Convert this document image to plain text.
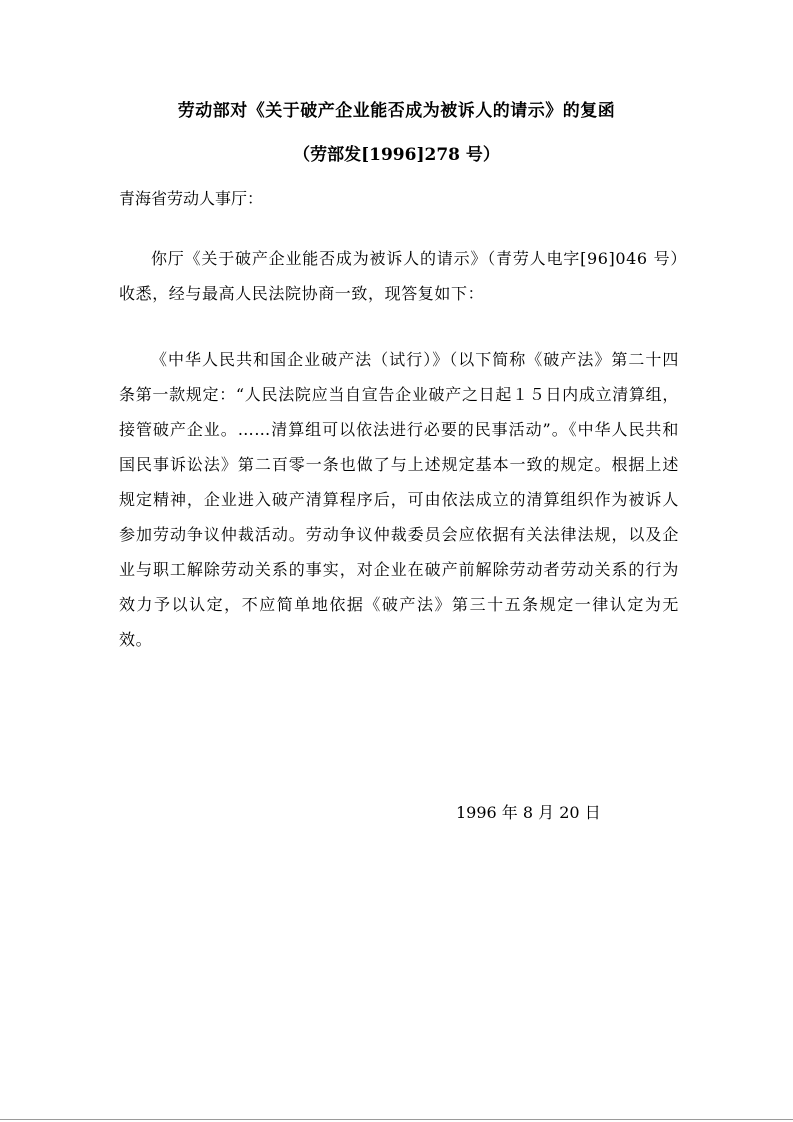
劳动部对《关于破产企业能否成为被诉人的请示》的复函
（劳部发[1996]278 号）
青海省劳动人事厅：

你厅《关于破产企业能否成为被诉人的请示》（青劳人电字[96]046 号）收悉，经与最高人民法院协商一致，现答复如下：

《中华人民共和国企业破产法（试行）》（以下简称《破产法》第二十四条第一款规定：“人民法院应当自宣告企业破产之日起１５日内成立清算组，接管破产企业。……清算组可以依法进行必要的民事活动”。《中华人民共和国民事诉讼法》第二百零一条也做了与上述规定基本一致的规定。根据上述规定精神，企业进入破产清算程序后，可由依法成立的清算组织作为被诉人参加劳动争议仲裁活动。劳动争议仲裁委员会应依据有关法律法规，以及企业与职工解除劳动关系的事实，对企业在破产前解除劳动者劳动关系的行为效力予以认定，不应简单地依据《破产法》第三十五条规定一律认定为无效。

1996 年 8 月 20 日
